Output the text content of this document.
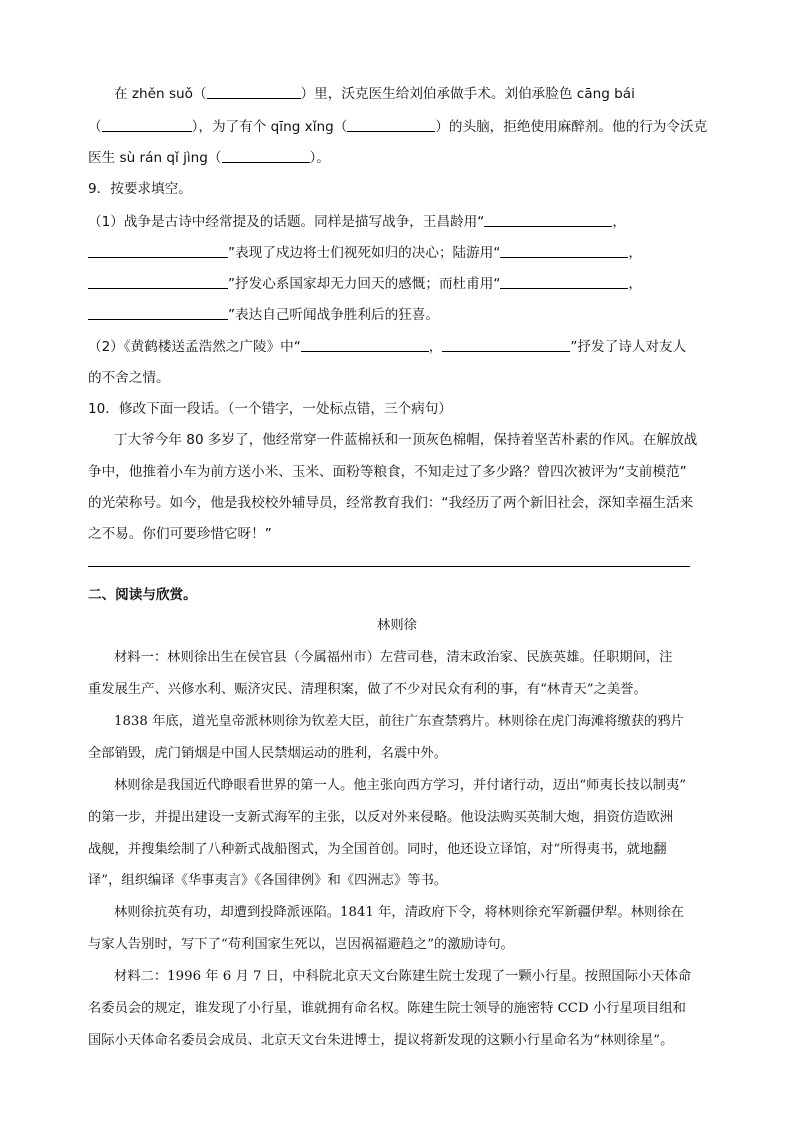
在 zhěn suǒ（	）里，沃克医生给刘伯承做手术。刘伯承脸色 cāng bái
（	），为了有个 qīng xǐng（	）的头脑，拒绝使用麻醉剂。他的行为令沃克
医生 sù rán qǐ jìng（	）。
9．按要求填空。
（1）战争是古诗中经常提及的话题。同样是描写战争，王昌龄用“	，
”表现了戍边将士们视死如归的决心；陆游用“	，
”抒发心系国家却无力回天的感慨；而杜甫用“	，
”表达自己听闻战争胜利后的狂喜。
（2）《黄鹤楼送孟浩然之广陵》中“	，	”抒发了诗人对友人
的不舍之情。
10．修改下面一段话。（一个错字，一处标点错，三个病句）
丁大爷今年 80 多岁了，他经常穿一件蓝棉袄和一顶灰色棉帽，保持着坚苦朴素的作风。在解放战
争中，他推着小车为前方送小米、玉米、面粉等粮食，不知走过了多少路？曾四次被评为“支前模范”
的光荣称号。如今，他是我校校外辅导员，经常教育我们：“我经历了两个新旧社会，深知幸福生活来
之不易。你们可要珍惜它呀！”
二、阅读与欣赏。
林则徐
材料一：林则徐出生在侯官县（今属福州市）左营司巷，清末政治家、民族英雄。任职期间，注
重发展生产、兴修水利、赈济灾民、清理积案，做了不少对民众有利的事，有“林青天”之美誉。
1838 年底，道光皇帝派林则徐为钦差大臣，前往广东查禁鸦片。林则徐在虎门海滩将缴获的鸦片
全部销毁，虎门销烟是中国人民禁烟运动的胜利，名震中外。
林则徐是我国近代睁眼看世界的第一人。他主张向西方学习，并付诸行动，迈出“师夷长技以制夷”
的第一步，并提出建设一支新式海军的主张，以反对外来侵略。他设法购买英制大炮，捐资仿造欧洲
战舰，并搜集绘制了八种新式战船图式，为全国首创。同时，他还设立译馆，对“所得夷书，就地翻
译”，组织编译《华事夷言》《各国律例》和《四洲志》等书。
林则徐抗英有功，却遭到投降派诬陷。1841 年，清政府下令，将林则徐充军新疆伊犁。林则徐在
与家人告别时，写下了“苟利国家生死以，岂因祸福避趋之”的激励诗句。
材料二：1996 年 6 月 7 日，中科院北京天文台陈建生院士发现了一颗小行星。按照国际小天体命
名委员会的规定，谁发现了小行星，谁就拥有命名权。陈建生院士领导的施密特 CCD 小行星项目组和
国际小天体命名委员会成员、北京天文台朱进博士，提议将新发现的这颗小行星命名为“林则徐星”。
